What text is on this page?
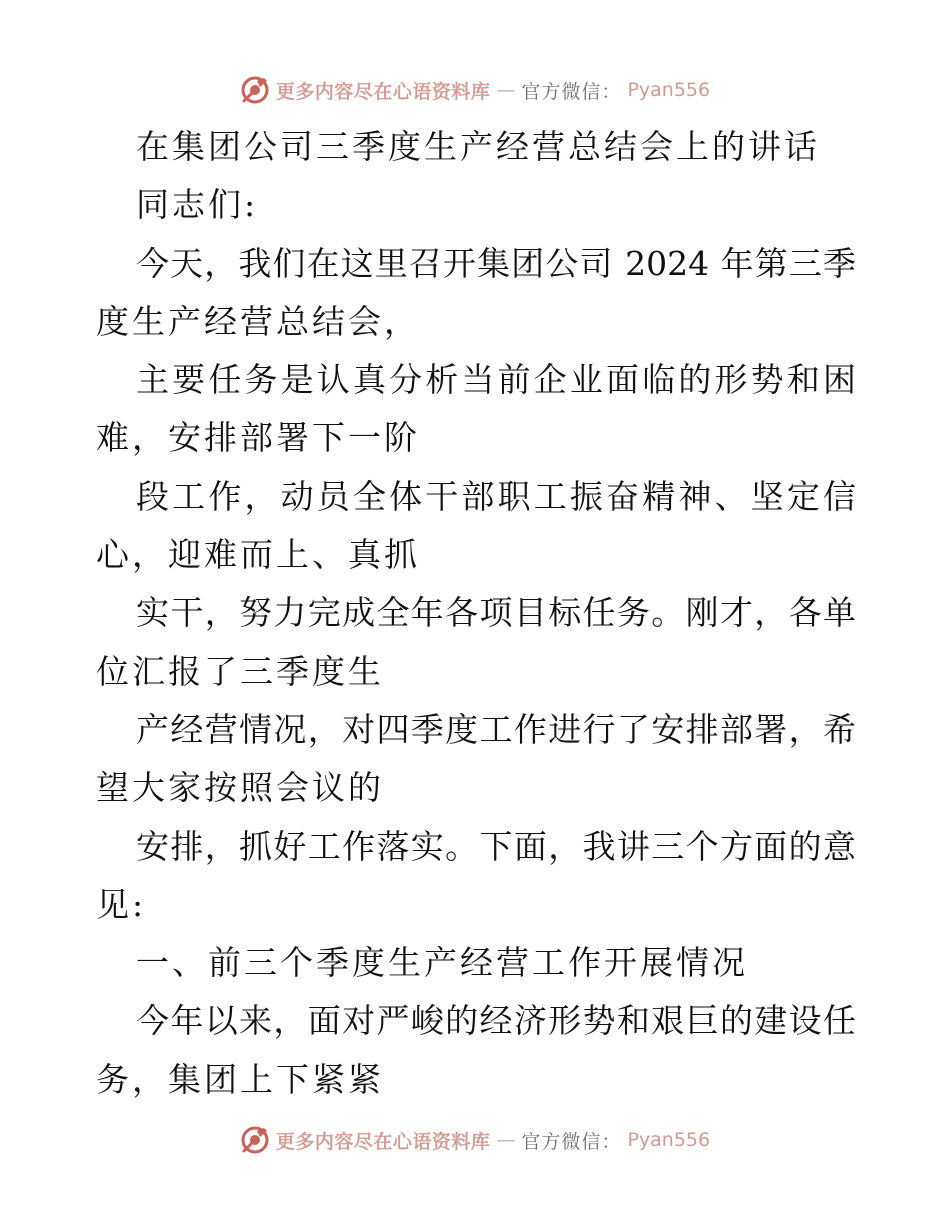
更多内容尽在心语资料库 — 官方微信： Pyan556
在集团公司三季度生产经营总结会上的讲话
同志们:
今天，我们在这里召开集团公司 2024 年第三季
度生产经营总结会，
主要任务是认真分析当前企业面临的形势和困
难，安排部署下一阶
段工作，动员全体干部职工振奋精神、坚定信
心，迎难而上、真抓
实干，努力完成全年各项目标任务。刚才，各单
位汇报了三季度生
产经营情况，对四季度工作进行了安排部署，希
望大家按照会议的
安排，抓好工作落实。下面，我讲三个方面的意
见:
一、前三个季度生产经营工作开展情况
今年以来，面对严峻的经济形势和艰巨的建设任
务，集团上下紧紧
更多内容尽在心语资料库 — 官方微信： Pyan556
